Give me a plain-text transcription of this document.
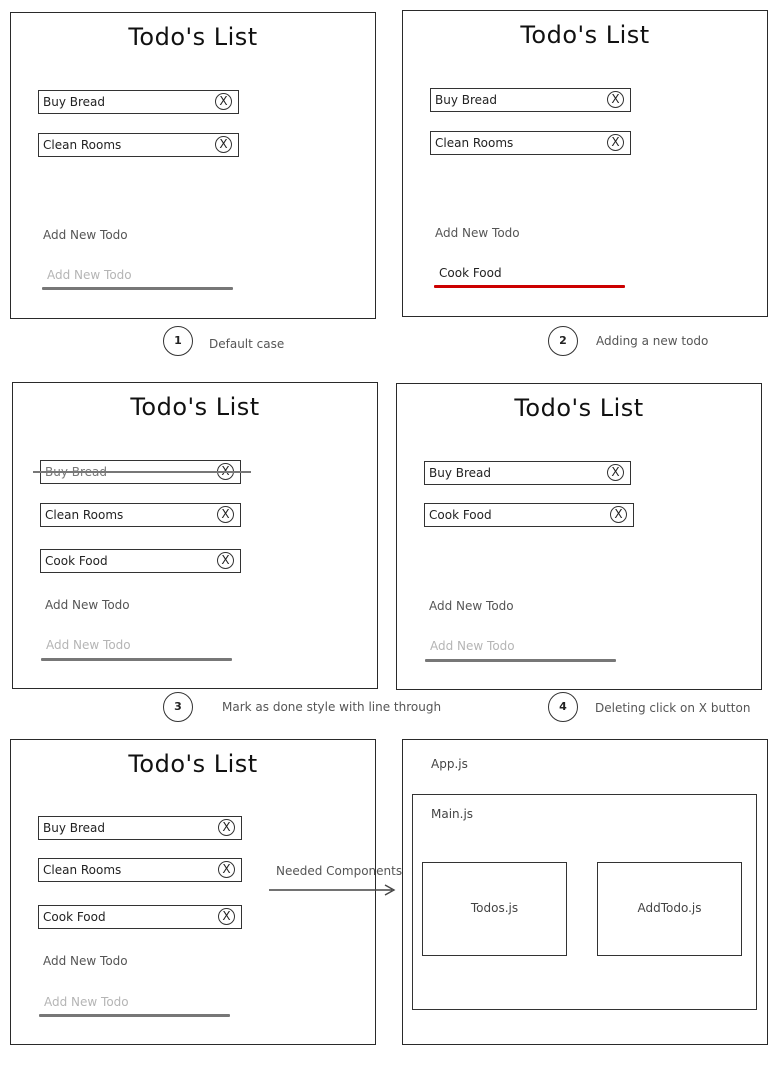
Todo's List
Buy Bread	X
Clean Rooms	X
Add New Todo
Add New Todo
Todo's List
Buy Bread	X
Clean Rooms	X
Add New Todo
Cook Food
1	Default case	2	Adding a new todo
Todo's List
Clean Rooms	X
Cook Food	X
Add New Todo
Add New Todo
Todo's List
Buy Bread	X
Cook Food	X
Add New Todo
Add New Todo
3	Mark as done style with line through	4	Deleting click on X button
Todo's List
Buy Bread	X
Clean Rooms	X
Cook Food	X
Add New Todo
Add New Todo
Needed Components
App.js
Main.js
Todos.js	AddTodo.js
